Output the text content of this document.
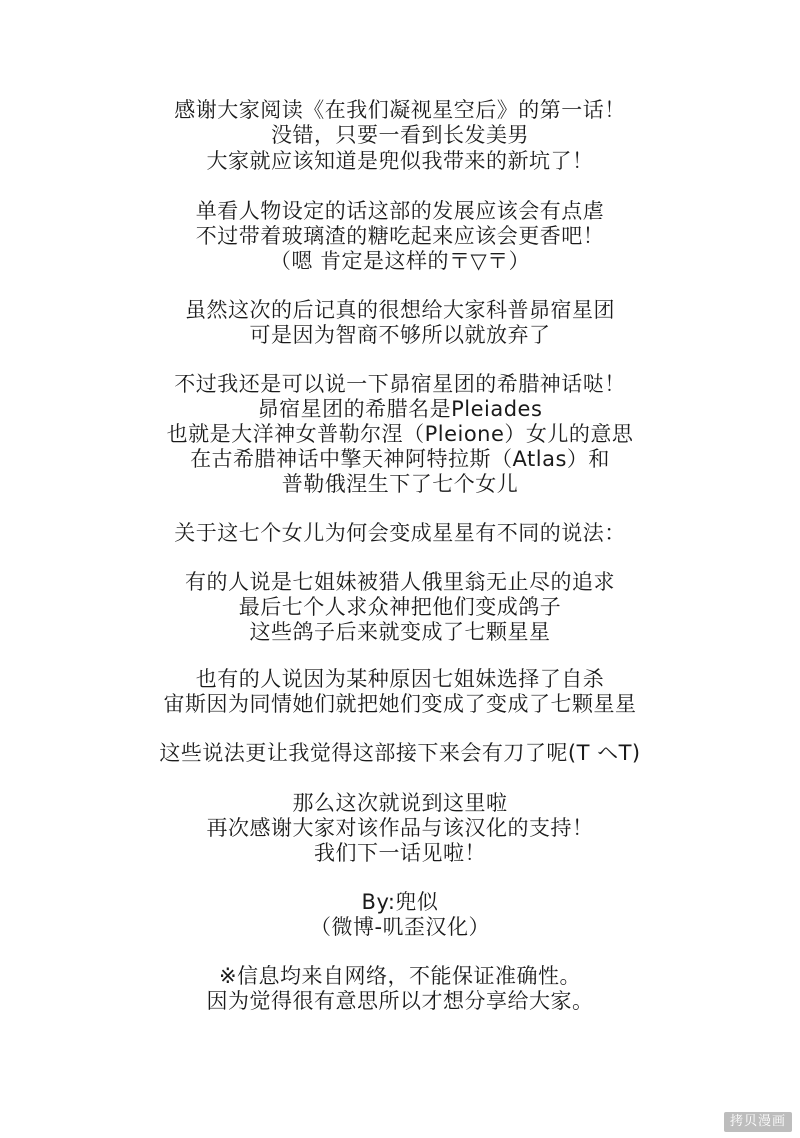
感谢大家阅读《在我们凝视星空后》的第一话！
没错，只要一看到长发美男
大家就应该知道是兜似我带来的新坑了！
单看人物设定的话这部的发展应该会有点虐
不过带着玻璃渣的糖吃起来应该会更香吧！
（嗯 肯定是这样的〒▽〒）
虽然这次的后记真的很想给大家科普昴宿星团
可是因为智商不够所以就放弃了
不过我还是可以说一下昴宿星团的希腊神话哒！
昴宿星团的希腊名是Pleiades
也就是大洋神女普勒尔涅（Pleione）女儿的意思
在古希腊神话中擎天神阿特拉斯（Atlas）和
普勒俄涅生下了七个女儿
关于这七个女儿为何会变成星星有不同的说法：
有的人说是七姐妹被猎人俄里翁无止尽的追求
最后七个人求众神把他们变成鸽子
这些鸽子后来就变成了七颗星星
也有的人说因为某种原因七姐妹选择了自杀
宙斯因为同情她们就把她们变成了变成了七颗星星
这些说法更让我觉得这部接下来会有刀了呢(T ヘT)
那么这次就说到这里啦
再次感谢大家对该作品与该汉化的支持！
我们下一话见啦！
By:兜似
（微博-叽歪汉化）
※信息均来自网络，不能保证准确性。
因为觉得很有意思所以才想分享给大家。
拷贝漫画
